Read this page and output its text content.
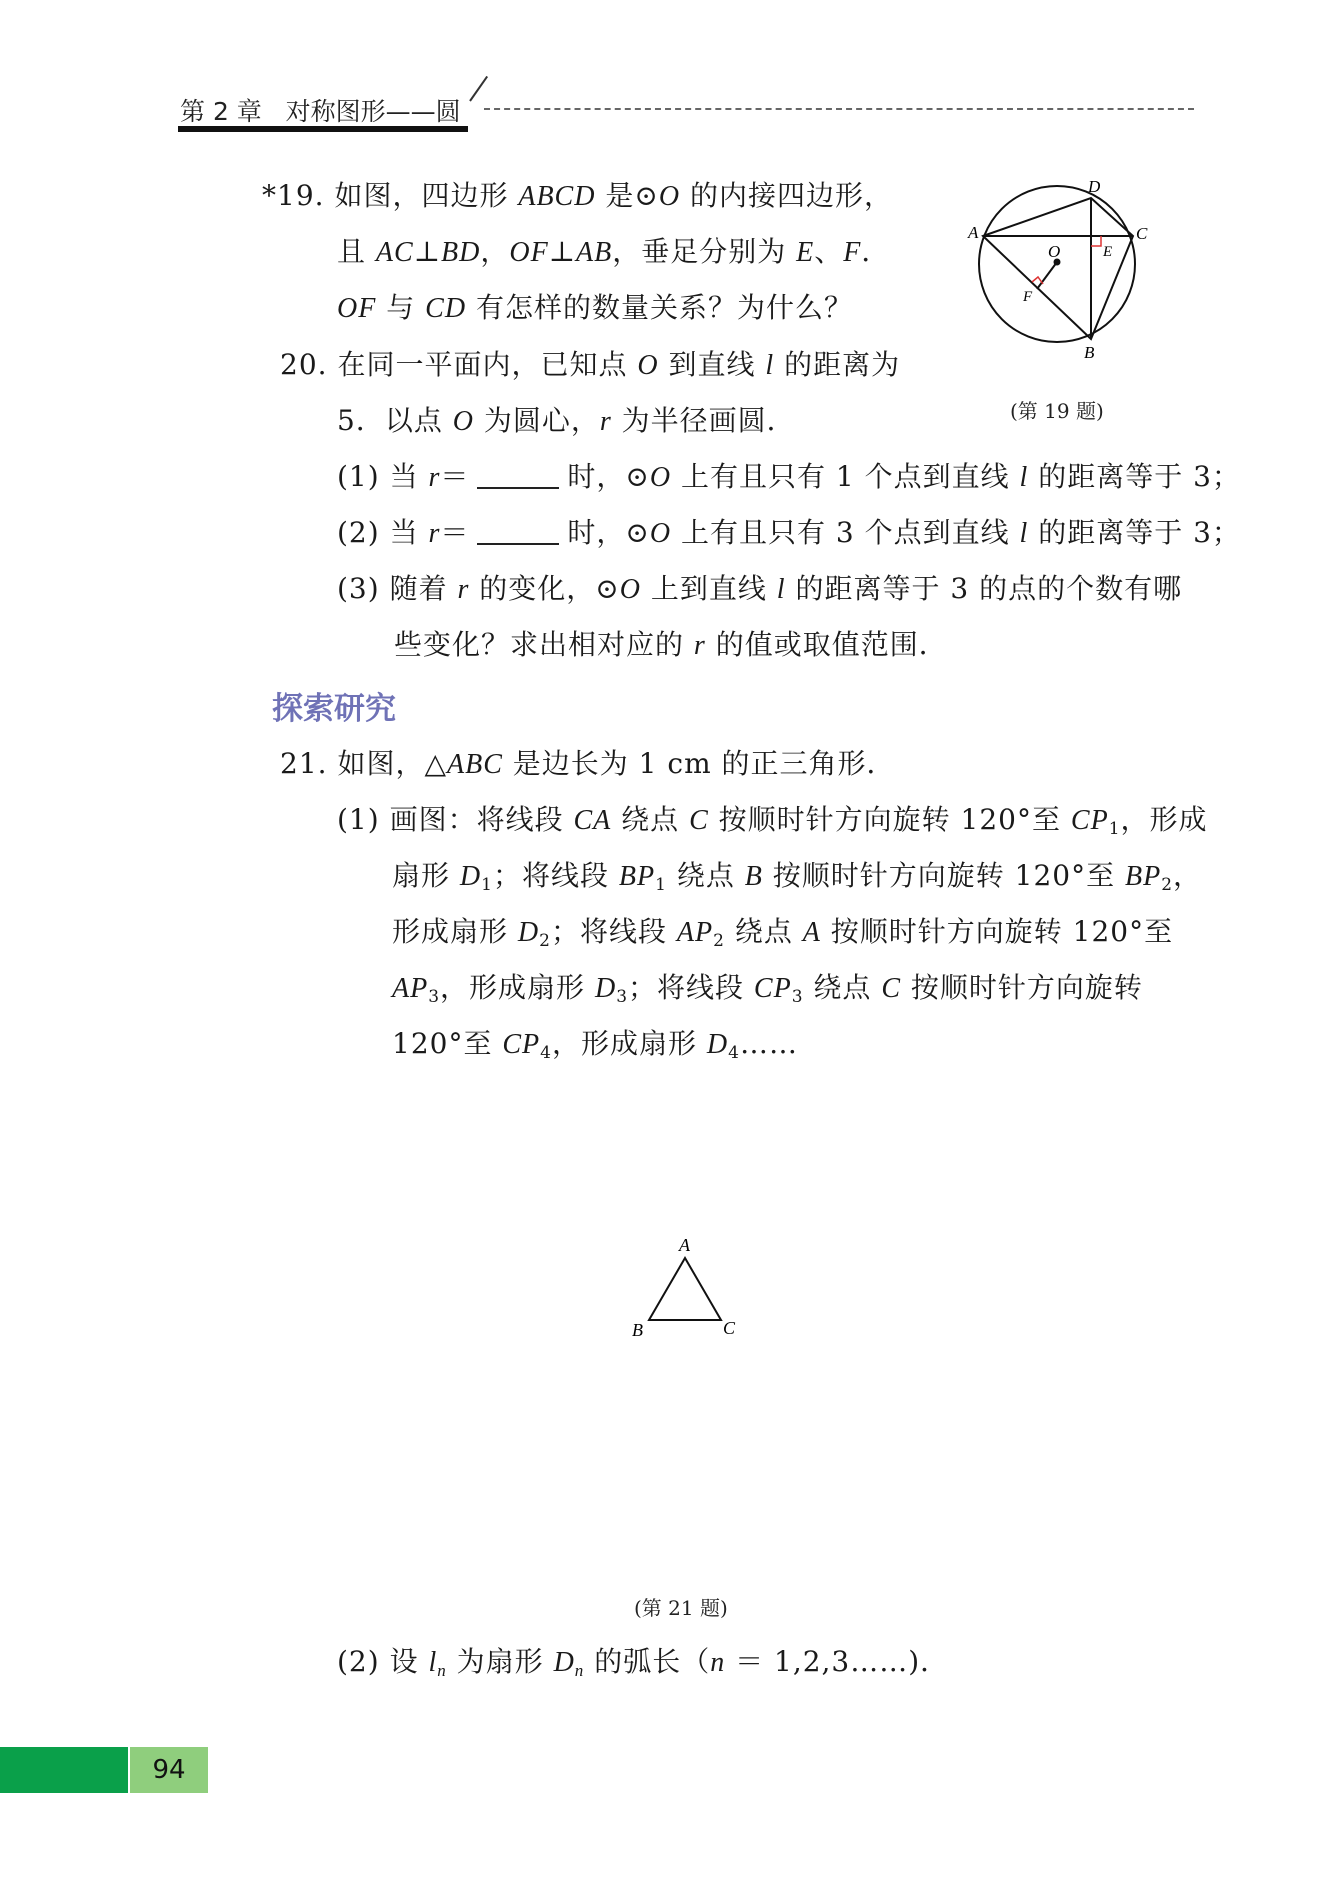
第 2 章 对称图形——圆
*19. 如图，四边形 ABCD 是⊙O 的内接四边形，
且 AC⊥BD，OF⊥AB，垂足分别为 E、F．
OF 与 CD 有怎样的数量关系？为什么？
A
B
C
D
E
F
O
(第 19 题)
20. 在同一平面内，已知点 O 到直线 l 的距离为
5．以点 O 为圆心，r 为半径画圆．
(1) 当 r＝	时，⊙O 上有且只有 1 个点到直线 l 的距离等于 3；
(2) 当 r＝	时，⊙O 上有且只有 3 个点到直线 l 的距离等于 3；
(3) 随着 r 的变化，⊙O 上到直线 l 的距离等于 3 的点的个数有哪
些变化？求出相对应的 r 的值或取值范围．
探索研究
21. 如图，△ABC 是边长为 1 cm 的正三角形．
(1) 画图：将线段 CA 绕点 C 按顺时针方向旋转 120°至 $CP_1$，形成
扇形 $D_1$；将线段 $BP_1$ 绕点 B 按顺时针方向旋转 120°至 $BP_2$，
形成扇形 $D_2$；将线段 $AP_2$ 绕点 A 按顺时针方向旋转 120°至
$AP_3$，形成扇形 $D_3$；将线段 $CP_3$ 绕点 C 按顺时针方向旋转
120°至 $CP_4$，形成扇形 $D_4\dots\dots$
A
B	C
(第 21 题)
(2) 设 $l_n$ 为扇形 $D_n$ 的弧长（n ＝ 1,2,3……)．
94
